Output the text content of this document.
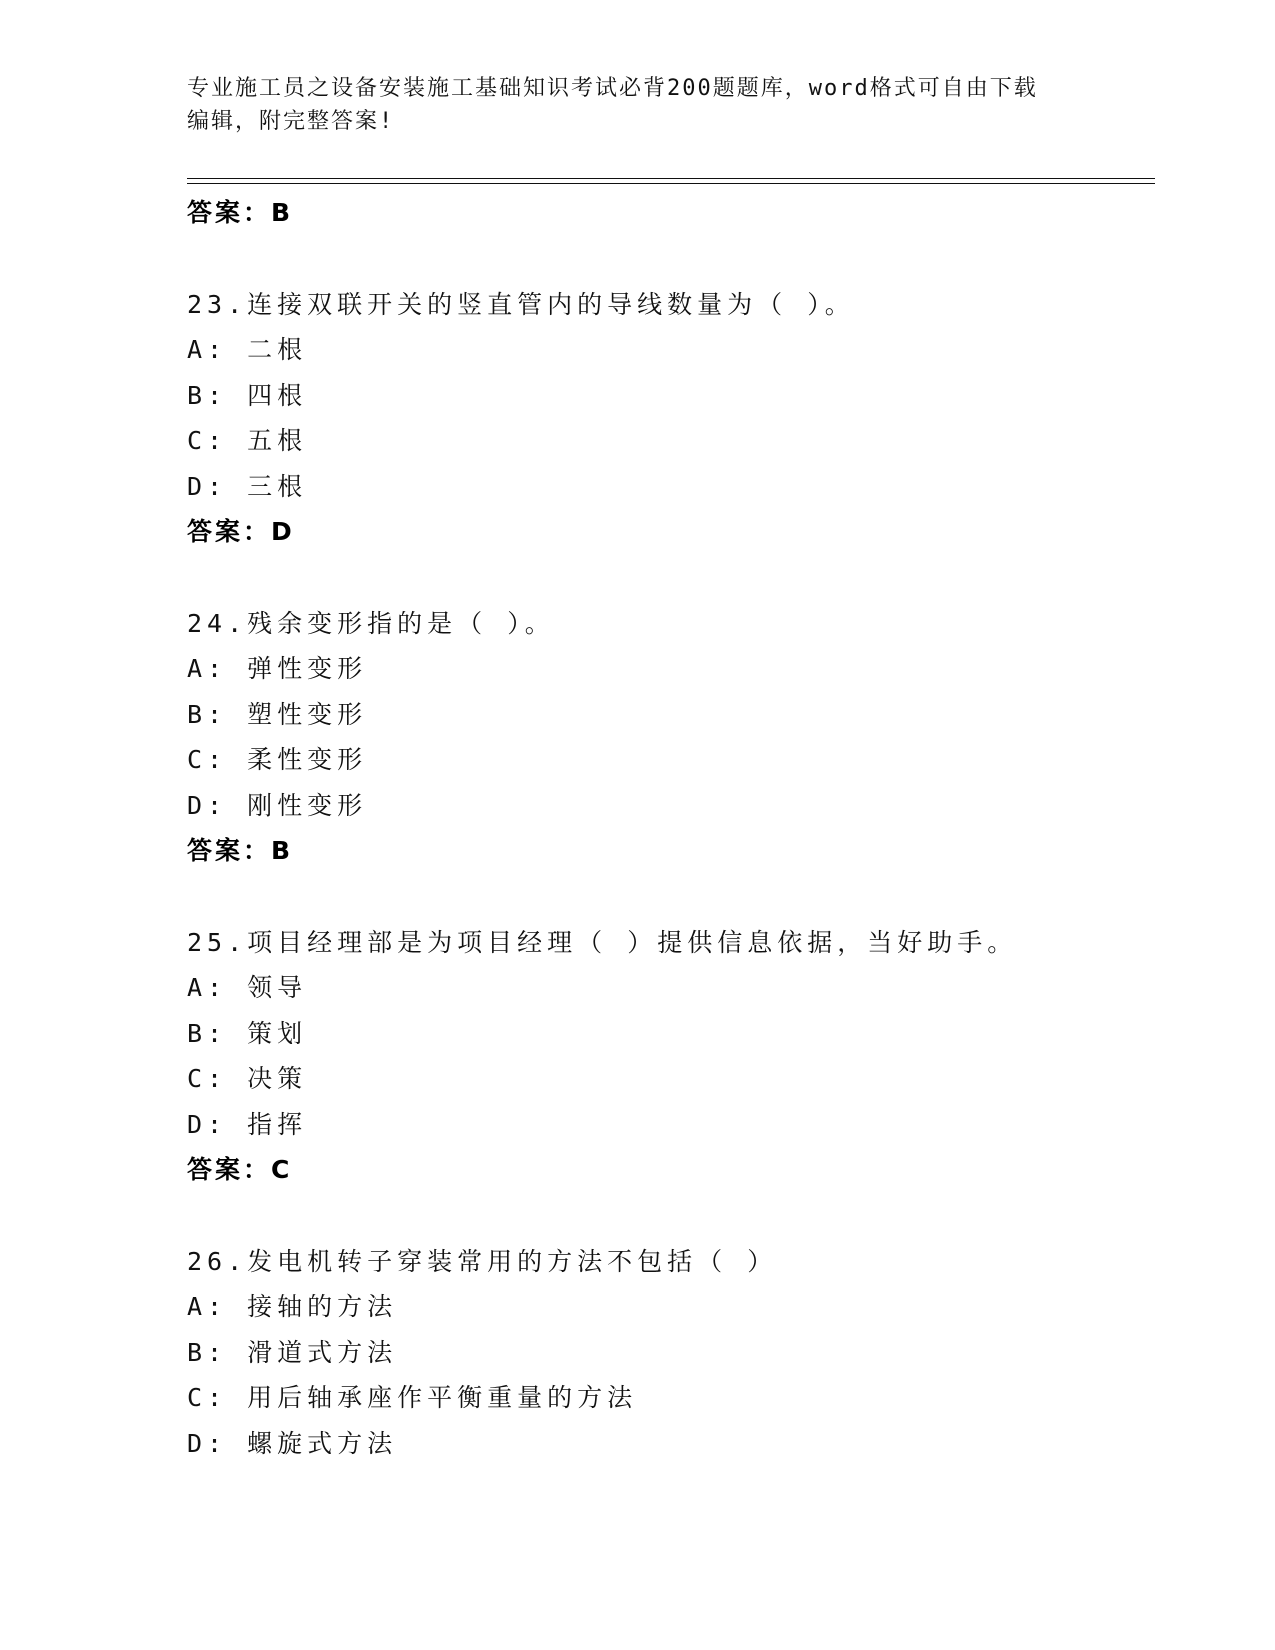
专业施工员之设备安装施工基础知识考试必背200题题库，word格式可自由下载
编辑，附完整答案!
答案：B
23.连接双联开关的竖直管内的导线数量为（ ）。
A: 二根
B: 四根
C: 五根
D: 三根
答案：D
24.残余变形指的是（ ）。
A: 弹性变形
B: 塑性变形
C: 柔性变形
D: 刚性变形
答案：B
25.项目经理部是为项目经理（ ）提供信息依据，当好助手。
A: 领导
B: 策划
C: 决策
D: 指挥
答案：C
26.发电机转子穿装常用的方法不包括（ ）
A: 接轴的方法
B: 滑道式方法
C: 用后轴承座作平衡重量的方法
D: 螺旋式方法
